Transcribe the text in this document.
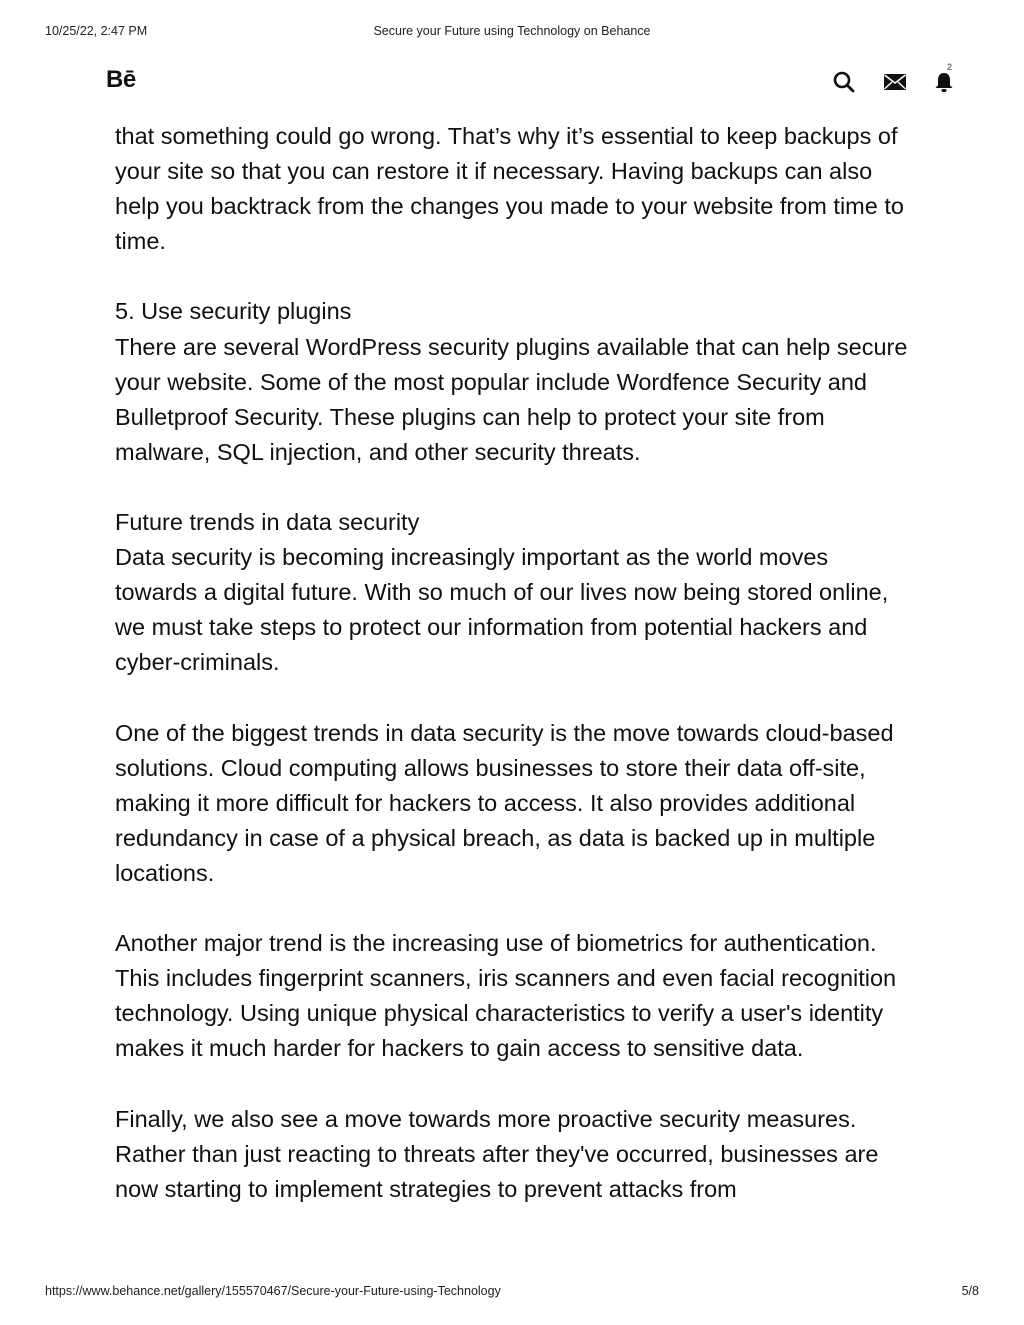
10/25/22, 2:47 PM	Secure your Future using Technology on Behance
Bē	2

that something could go wrong. That’s why it’s essential to keep backups of your site so that you can restore it if necessary. Having backups can also help you backtrack from the changes you made to your website from time to time.

5. Use security plugins

There are several WordPress security plugins available that can help secure your website. Some of the most popular include Wordfence Security and Bulletproof Security. These plugins can help to protect your site from malware, SQL injection, and other security threats.

Future trends in data security

Data security is becoming increasingly important as the world moves towards a digital future. With so much of our lives now being stored online, we must take steps to protect our information from potential hackers and cyber-criminals.

One of the biggest trends in data security is the move towards cloud-based solutions. Cloud computing allows businesses to store their data off-site, making it more difficult for hackers to access. It also provides additional redundancy in case of a physical breach, as data is backed up in multiple locations.

Another major trend is the increasing use of biometrics for authentication. This includes fingerprint scanners, iris scanners and even facial recognition technology. Using unique physical characteristics to verify a user's identity makes it much harder for hackers to gain access to sensitive data.

Finally, we also see a move towards more proactive security measures. Rather than just reacting to threats after they've occurred, businesses are now starting to implement strategies to prevent attacks from

https://www.behance.net/gallery/155570467/Secure-your-Future-using-Technology	5/8
